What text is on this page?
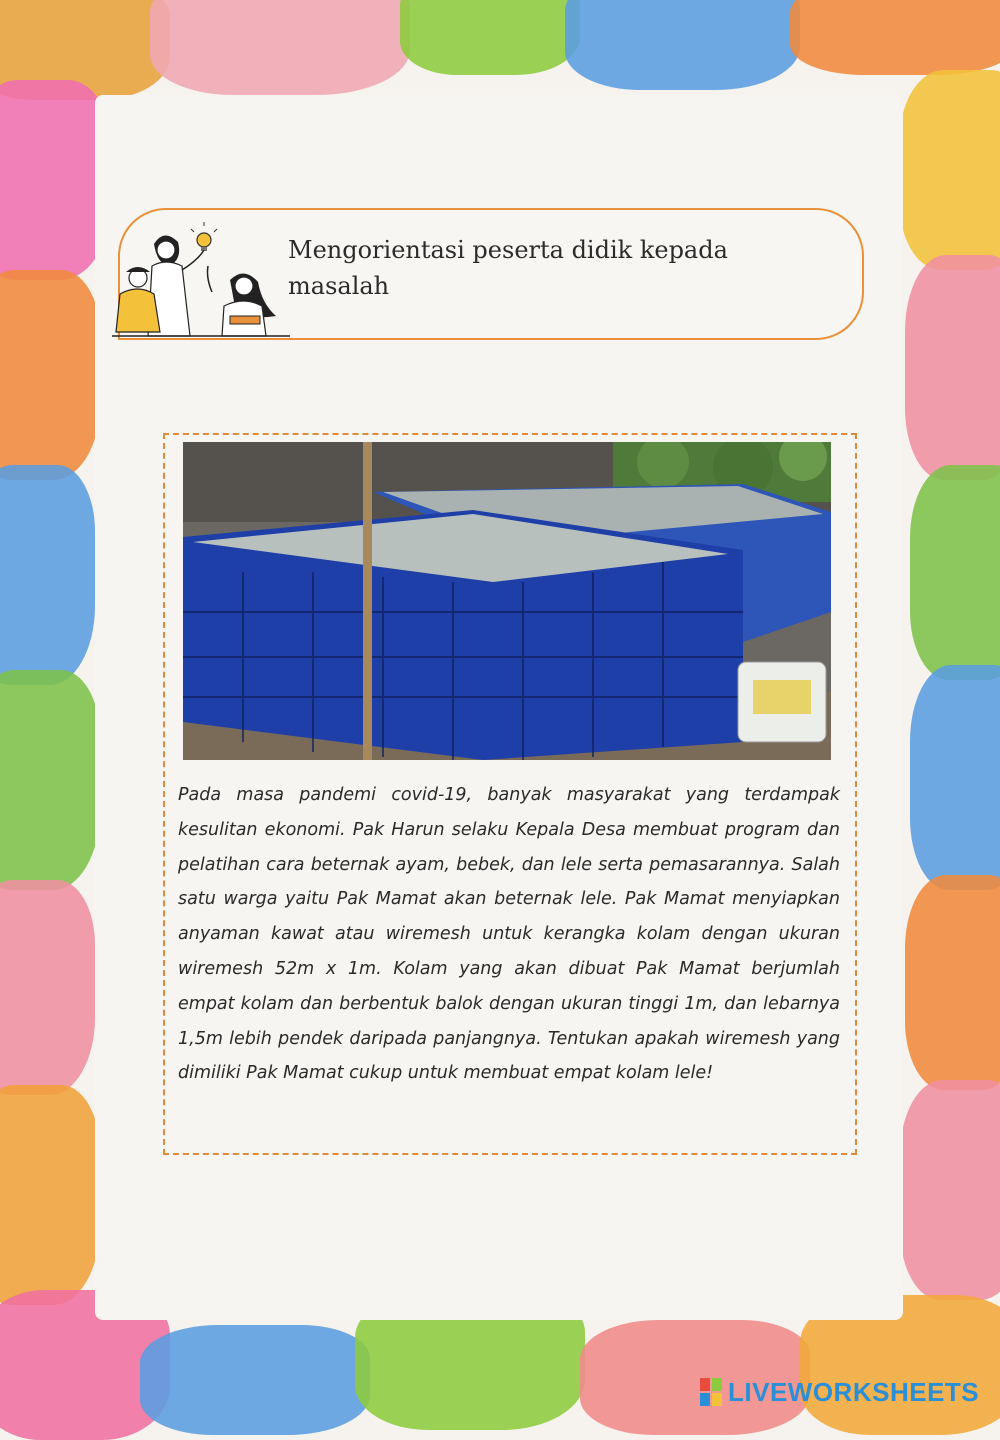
Mengorientasi peserta didik kepada masalah
Pada masa pandemi covid-19, banyak masyarakat yang terdampak kesulitan ekonomi. Pak Harun selaku Kepala Desa membuat program dan pelatihan cara beternak ayam, bebek, dan lele serta pemasarannya. Salah satu warga yaitu Pak Mamat akan beternak lele. Pak Mamat menyiapkan anyaman kawat atau wiremesh untuk kerangka kolam dengan ukuran wiremesh 52m x 1m. Kolam yang akan dibuat Pak Mamat berjumlah empat kolam dan berbentuk balok dengan ukuran tinggi 1m, dan lebarnya 1,5m lebih pendek daripada panjangnya. Tentukan apakah wiremesh yang dimiliki Pak Mamat cukup untuk membuat empat kolam lele!
LIVEWORKSHEETS
